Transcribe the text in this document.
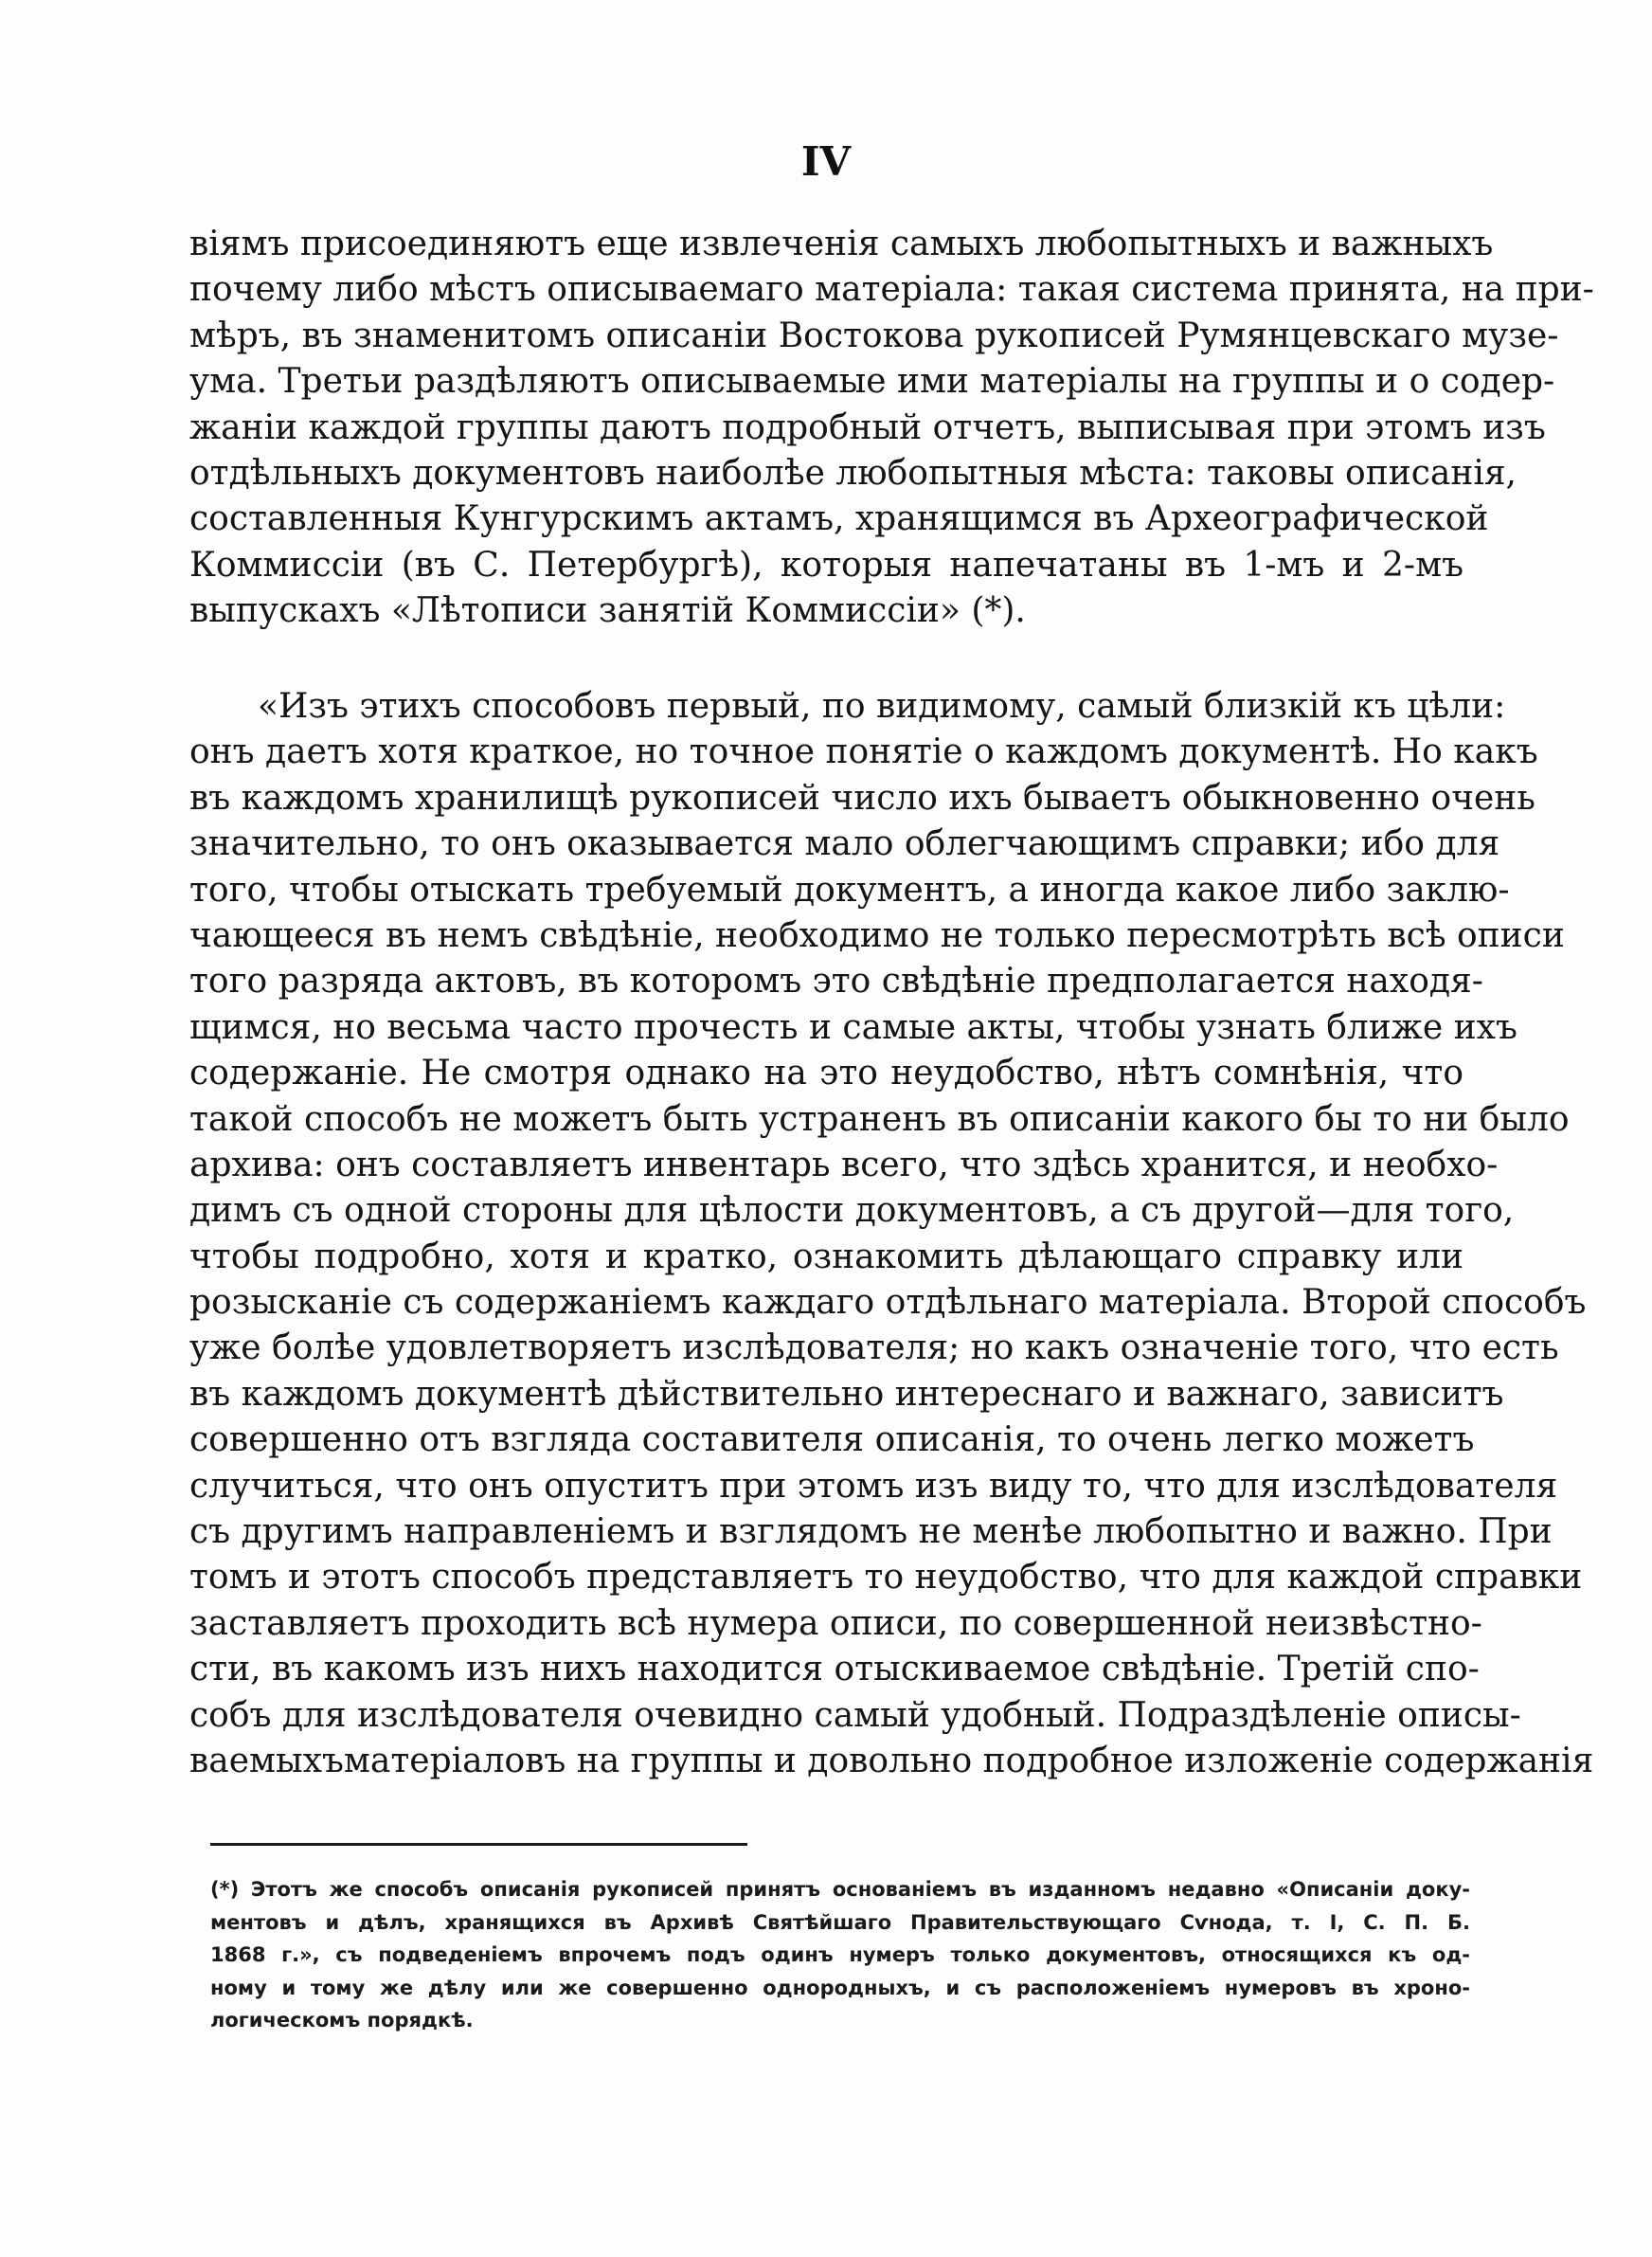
IV
віямъ присоединяютъ еще извлеченія самыхъ любопытныхъ и важныхъ
почему либо мѣстъ описываемаго матеріала: такая система принята, на при-
мѣръ, въ знаменитомъ описаніи Востокова рукописей Румянцевскаго музе-
ума. Третьи раздѣляютъ описываемые ими матеріалы на группы и о содер-
жаніи каждой группы даютъ подробный отчетъ, выписывая при этомъ изъ
отдѣльныхъ документовъ наиболѣе любопытныя мѣста: таковы описанія,
составленныя Кунгурскимъ актамъ, хранящимся въ Археографической
Коммиссіи (въ С. Петербургѣ), которыя напечатаны въ 1-мъ и 2-мъ
выпускахъ «Лѣтописи занятій Коммиссіи» (*).
«Изъ этихъ способовъ первый, по видимому, самый близкій къ цѣли:
онъ даетъ хотя краткое, но точное понятіе о каждомъ документѣ. Но какъ
въ каждомъ хранилищѣ рукописей число ихъ бываетъ обыкновенно очень
значительно, то онъ оказывается мало облегчающимъ справки; ибо для
того, чтобы отыскать требуемый документъ, а иногда какое либо заклю-
чающееся въ немъ свѣдѣніе, необходимо не только пересмотрѣть всѣ описи
того разряда актовъ, въ которомъ это свѣдѣніе предполагается находя-
щимся, но весьма часто прочесть и самые акты, чтобы узнать ближе ихъ
содержаніе. Не смотря однако на это неудобство, нѣтъ сомнѣнія, что
такой способъ не можетъ быть устраненъ въ описаніи какого бы то ни было
архива: онъ составляетъ инвентарь всего, что здѣсь хранится, и необхо-
димъ съ одной стороны для цѣлости документовъ, а съ другой—для того,
чтобы подробно, хотя и кратко, ознакомить дѣлающаго справку или
розысканіе съ содержаніемъ каждаго отдѣльнаго матеріала. Второй способъ
уже болѣе удовлетворяетъ изслѣдователя; но какъ означеніе того, что есть
въ каждомъ документѣ дѣйствительно интереснаго и важнаго, зависитъ
совершенно отъ взгляда составителя описанія, то очень легко можетъ
случиться, что онъ опуститъ при этомъ изъ виду то, что для изслѣдователя
съ другимъ направленіемъ и взглядомъ не менѣе любопытно и важно. При
томъ и этотъ способъ представляетъ то неудобство, что для каждой справки
заставляетъ проходить всѣ нумера описи, по совершенной неизвѣстно-
сти, въ какомъ изъ нихъ находится отыскиваемое свѣдѣніе. Третій спо-
собъ для изслѣдователя очевидно самый удобный. Подраздѣленіе описы-
ваемыхъматеріаловъ на группы и довольно подробное изложеніе содержанія
(*) Этотъ же способъ описанія рукописей принятъ основаніемъ въ изданномъ недавно «Описаніи доку-
ментовъ и дѣлъ, хранящихся въ Архивѣ Святѣйшаго Правительствующаго Сѵнода, т. I, С. П. Б.
1868 г.», съ подведеніемъ впрочемъ подъ одинъ нумеръ только документовъ, относящихся къ од-
ному и тому же дѣлу или же совершенно однородныхъ, и съ расположеніемъ нумеровъ въ хроно-
логическомъ порядкѣ.
